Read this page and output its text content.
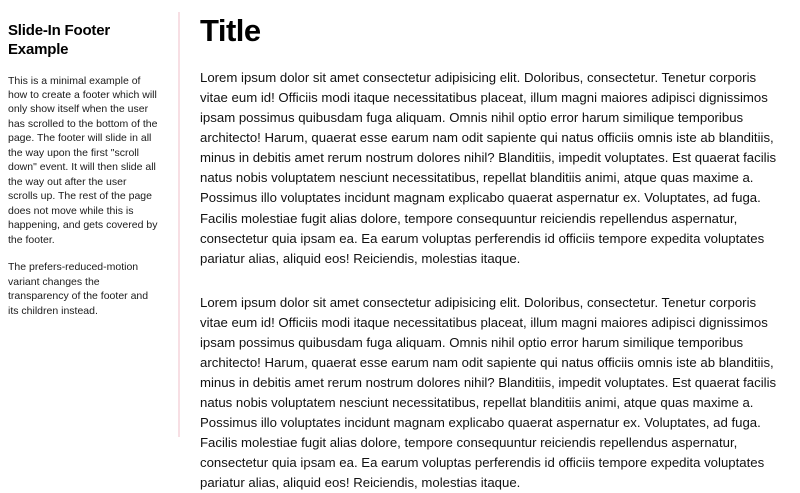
Slide-In Footer Example

This is a minimal example of how to create a footer which will only show itself when the user has scrolled to the bottom of the page. The footer will slide in all the way upon the first "scroll down" event. It will then slide all the way out after the user scrolls up. The rest of the page does not move while this is happening, and gets covered by the footer.

The prefers-reduced-motion variant changes the transparency of the footer and its children instead.

Title

Lorem ipsum dolor sit amet consectetur adipisicing elit. Doloribus, consectetur. Tenetur corporis vitae eum id! Officiis modi itaque necessitatibus placeat, illum magni maiores adipisci dignissimos ipsam possimus quibusdam fuga aliquam. Omnis nihil optio error harum similique temporibus architecto! Harum, quaerat esse earum nam odit sapiente qui natus officiis omnis iste ab blanditiis, minus in debitis amet rerum nostrum dolores nihil? Blanditiis, impedit voluptates. Est quaerat facilis natus nobis voluptatem nesciunt necessitatibus, repellat blanditiis animi, atque quas maxime a. Possimus illo voluptates incidunt magnam explicabo quaerat aspernatur ex. Voluptates, ad fuga. Facilis molestiae fugit alias dolore, tempore consequuntur reiciendis repellendus aspernatur, consectetur quia ipsam ea. Ea earum voluptas perferendis id officiis tempore expedita voluptates pariatur alias, aliquid eos! Reiciendis, molestias itaque.

Lorem ipsum dolor sit amet consectetur adipisicing elit. Doloribus, consectetur. Tenetur corporis vitae eum id! Officiis modi itaque necessitatibus placeat, illum magni maiores adipisci dignissimos ipsam possimus quibusdam fuga aliquam. Omnis nihil optio error harum similique temporibus architecto! Harum, quaerat esse earum nam odit sapiente qui natus officiis omnis iste ab blanditiis, minus in debitis amet rerum nostrum dolores nihil? Blanditiis, impedit voluptates. Est quaerat facilis natus nobis voluptatem nesciunt necessitatibus, repellat blanditiis animi, atque quas maxime a. Possimus illo voluptates incidunt magnam explicabo quaerat aspernatur ex. Voluptates, ad fuga. Facilis molestiae fugit alias dolore, tempore consequuntur reiciendis repellendus aspernatur, consectetur quia ipsam ea. Ea earum voluptas perferendis id officiis tempore expedita voluptates pariatur alias, aliquid eos! Reiciendis, molestias itaque.
